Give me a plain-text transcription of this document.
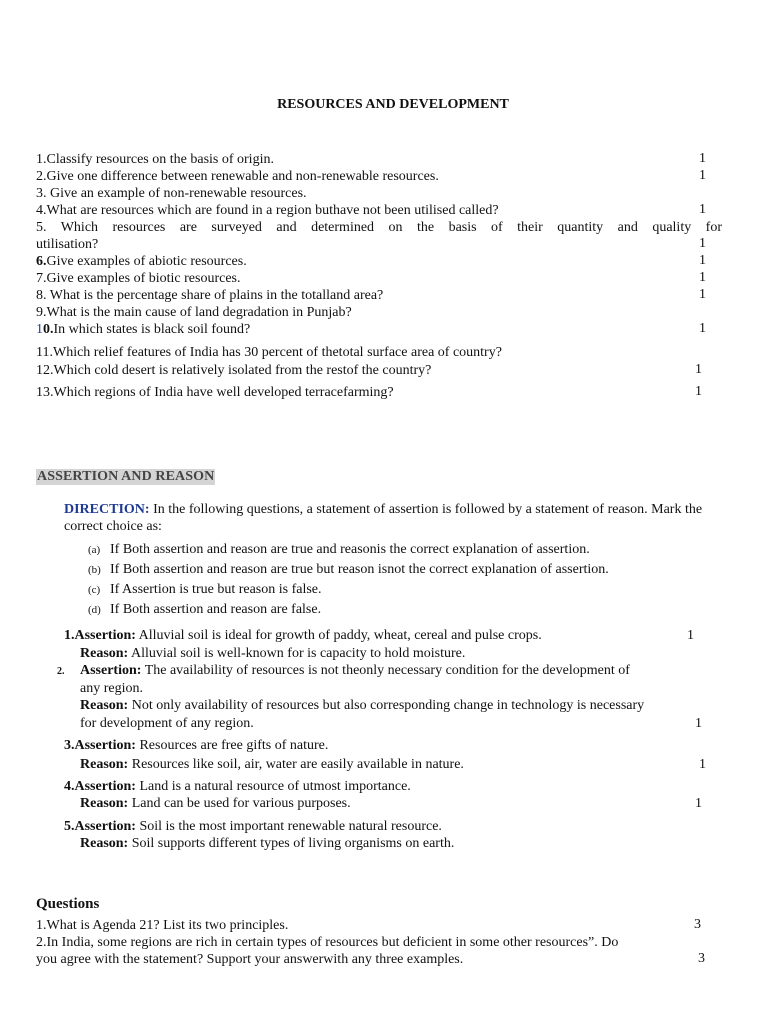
RESOURCES AND DEVELOPMENT
1.Classify resources on the basis of origin.	1
2.Give one difference between renewable and non-renewable resources.	1
3. Give an example of non-renewable resources.
4.What are resources which are found in a region buthave not been utilised called?	1
5. Which resources are surveyed and determined on the basis of their quantity and quality for
utilisation?	1
6.Give examples of abiotic resources.	1
7.Give examples of biotic resources.	1
8. What is the percentage share of plains in the totalland area?	1
9.What is the main cause of land degradation in Punjab?
10.In which states is black soil found?	1
11.Which relief features of India has 30 percent of thetotal surface area of country?
12.Which cold desert is relatively isolated from the restof the country?	1
13.Which regions of India have well developed terracefarming?	1
ASSERTION AND REASON
DIRECTION: In the following questions, a statement of assertion is followed by a statement of reason. Mark the correct choice as:
(a) If Both assertion and reason are true and reasonis the correct explanation of assertion.
(b) If Both assertion and reason are true but reason isnot the correct explanation of assertion.
(c) If Assertion is true but reason is false.
(d) If Both assertion and reason are false.
1.Assertion: Alluvial soil is ideal for growth of paddy, wheat, cereal and pulse crops.	1
Reason: Alluvial soil is well-known for is capacity to hold moisture.
2. Assertion: The availability of resources is not theonly necessary condition for the development of
any region.
Reason: Not only availability of resources but also corresponding change in technology is necessary
for development of any region.	1
3.Assertion: Resources are free gifts of nature.
Reason: Resources like soil, air, water are easily available in nature.	1
4.Assertion: Land is a natural resource of utmost importance.
Reason: Land can be used for various purposes.	1
5.Assertion: Soil is the most important renewable natural resource.
Reason: Soil supports different types of living organisms on earth.
Questions
1.What is Agenda 21? List its two principles.	3
2.In India, some regions are rich in certain types of resources but deficient in some other resources”. Do
you agree with the statement? Support your answerwith any three examples.	3
